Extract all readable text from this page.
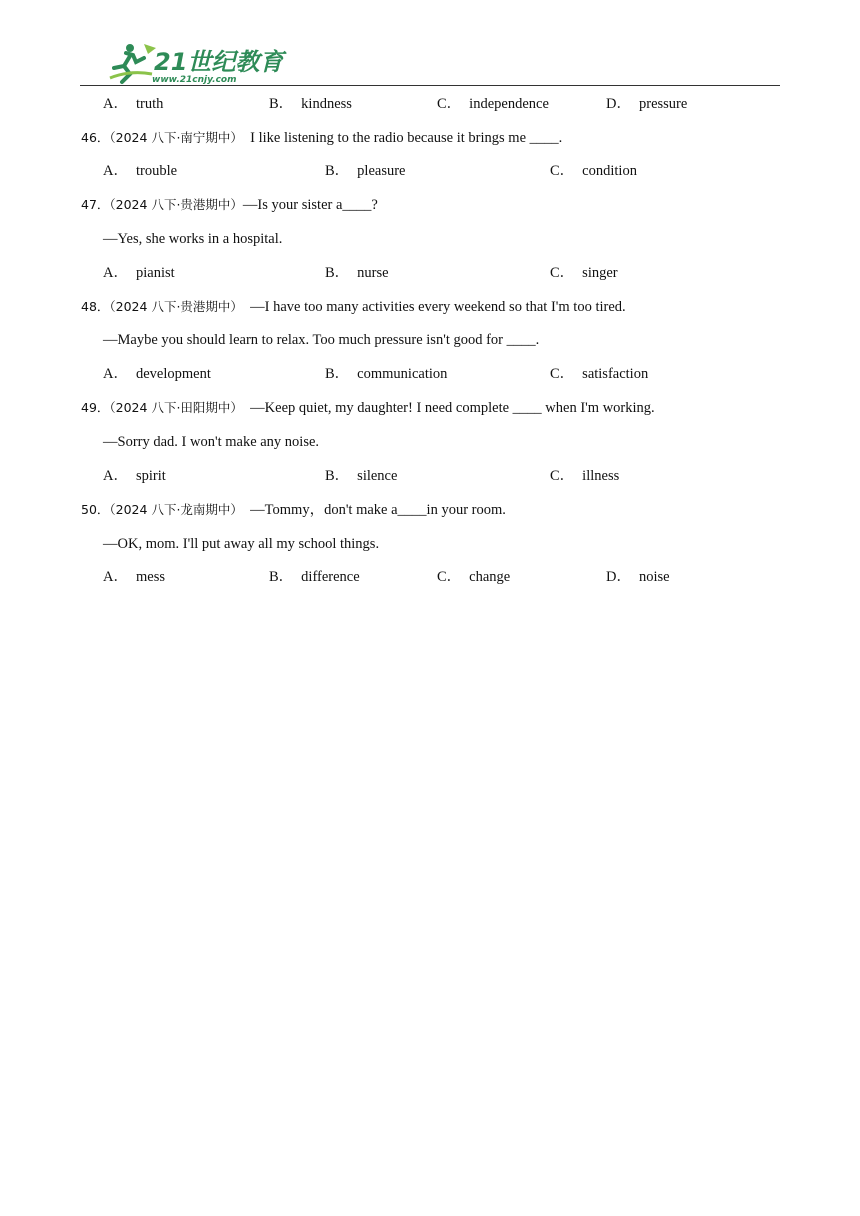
21世纪教育
www.21cnjy.com
A． truth	B． kindness	C． independence	D． pressure
46．（2024 八下·南宁期中） I like listening to the radio because it brings me ____.
A． trouble	B． pleasure	C． condition
47．（2024 八下·贵港期中）—Is your sister a____?
—Yes, she works in a hospital.
A． pianist	B． nurse	C． singer
48．（2024 八下·贵港期中） —I have too many activities every weekend so that I'm too tired.
—Maybe you should learn to relax. Too much pressure isn't good for ____.
A． development	B． communication	C． satisfaction
49．（2024 八下·田阳期中） —Keep quiet, my daughter! I need complete ____ when I'm working.
—Sorry dad. I won't make any noise.
A． spirit	B． silence	C． illness
50．（2024 八下·龙南期中） —Tommy，don't make a____in your room.
—OK, mom. I'll put away all my school things.
A． mess	B． difference	C． change	D． noise
